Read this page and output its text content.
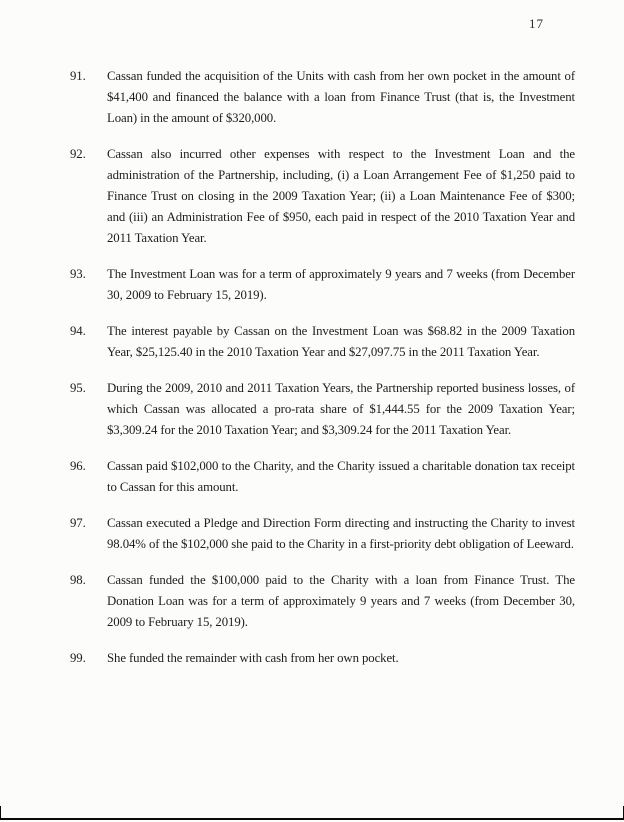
17
91.	Cassan funded the acquisition of the Units with cash from her own pocket in the amount of $41,400 and financed the balance with a loan from Finance Trust (that is, the Investment Loan) in the amount of $320,000.
92.	Cassan also incurred other expenses with respect to the Investment Loan and the administration of the Partnership, including, (i) a Loan Arrangement Fee of $1,250 paid to Finance Trust on closing in the 2009 Taxation Year; (ii) a Loan Maintenance Fee of $300; and (iii) an Administration Fee of $950, each paid in respect of the 2010 Taxation Year and 2011 Taxation Year.
93.	The Investment Loan was for a term of approximately 9 years and 7 weeks (from December 30, 2009 to February 15, 2019).
94.	The interest payable by Cassan on the Investment Loan was $68.82 in the 2009 Taxation Year, $25,125.40 in the 2010 Taxation Year and $27,097.75 in the 2011 Taxation Year.
95.	During the 2009, 2010 and 2011 Taxation Years, the Partnership reported business losses, of which Cassan was allocated a pro-rata share of $1,444.55 for the 2009 Taxation Year; $3,309.24 for the 2010 Taxation Year; and $3,309.24 for the 2011 Taxation Year.
96.	Cassan paid $102,000 to the Charity, and the Charity issued a charitable donation tax receipt to Cassan for this amount.
97.	Cassan executed a Pledge and Direction Form directing and instructing the Charity to invest 98.04% of the $102,000 she paid to the Charity in a first-priority debt obligation of Leeward.
98.	Cassan funded the $100,000 paid to the Charity with a loan from Finance Trust. The Donation Loan was for a term of approximately 9 years and 7 weeks (from December 30, 2009 to February 15, 2019).
99.	She funded the remainder with cash from her own pocket.
